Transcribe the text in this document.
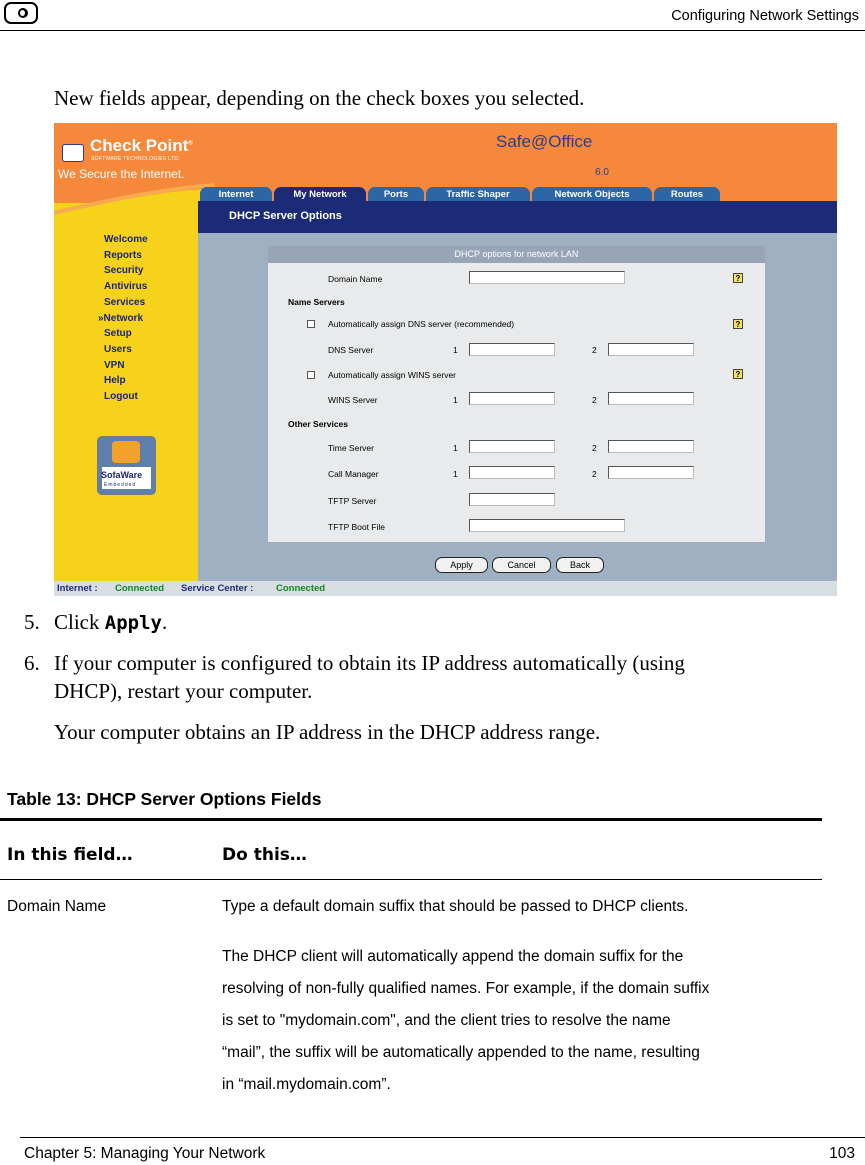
Configuring Network Settings
New fields appear, depending on the check boxes you selected.
Check Point®
SOFTWARE TECHNOLOGIES LTD.
We Secure the Internet.
Safe@Office
6.0
Internet	My Network	Ports	Traffic Shaper	Network Objects	Routes
DHCP Server Options
Welcome
Reports
Security
Antivirus
Services
»Network
Setup
Users
VPN
Help
Logout
SofaWare
Embedded
DHCP options for network LAN
Domain Name	?
Name Servers
Automatically assign DNS server (recommended)	?
DNS Server	1	2
Automatically assign WINS server	?
WINS Server	1	2
Other Services
Time Server	1	2
Call Manager	1	2
TFTP Server
TFTP Boot File
Apply	Cancel	Back
Internet : Connected Service Center : Connected
5. Click Apply.
6. If your computer is configured to obtain its IP address automatically (using
DHCP), restart your computer.
Your computer obtains an IP address in the DHCP address range.
Table 13: DHCP Server Options Fields
In this field…	Do this…
Domain Name	Type a default domain suffix that should be passed to DHCP clients.
The DHCP client will automatically append the domain suffix for the
resolving of non-fully qualified names. For example, if the domain suffix
is set to "mydomain.com", and the client tries to resolve the name
“mail”, the suffix will be automatically appended to the name, resulting
in “mail.mydomain.com”.
Chapter 5: Managing Your Network	103
